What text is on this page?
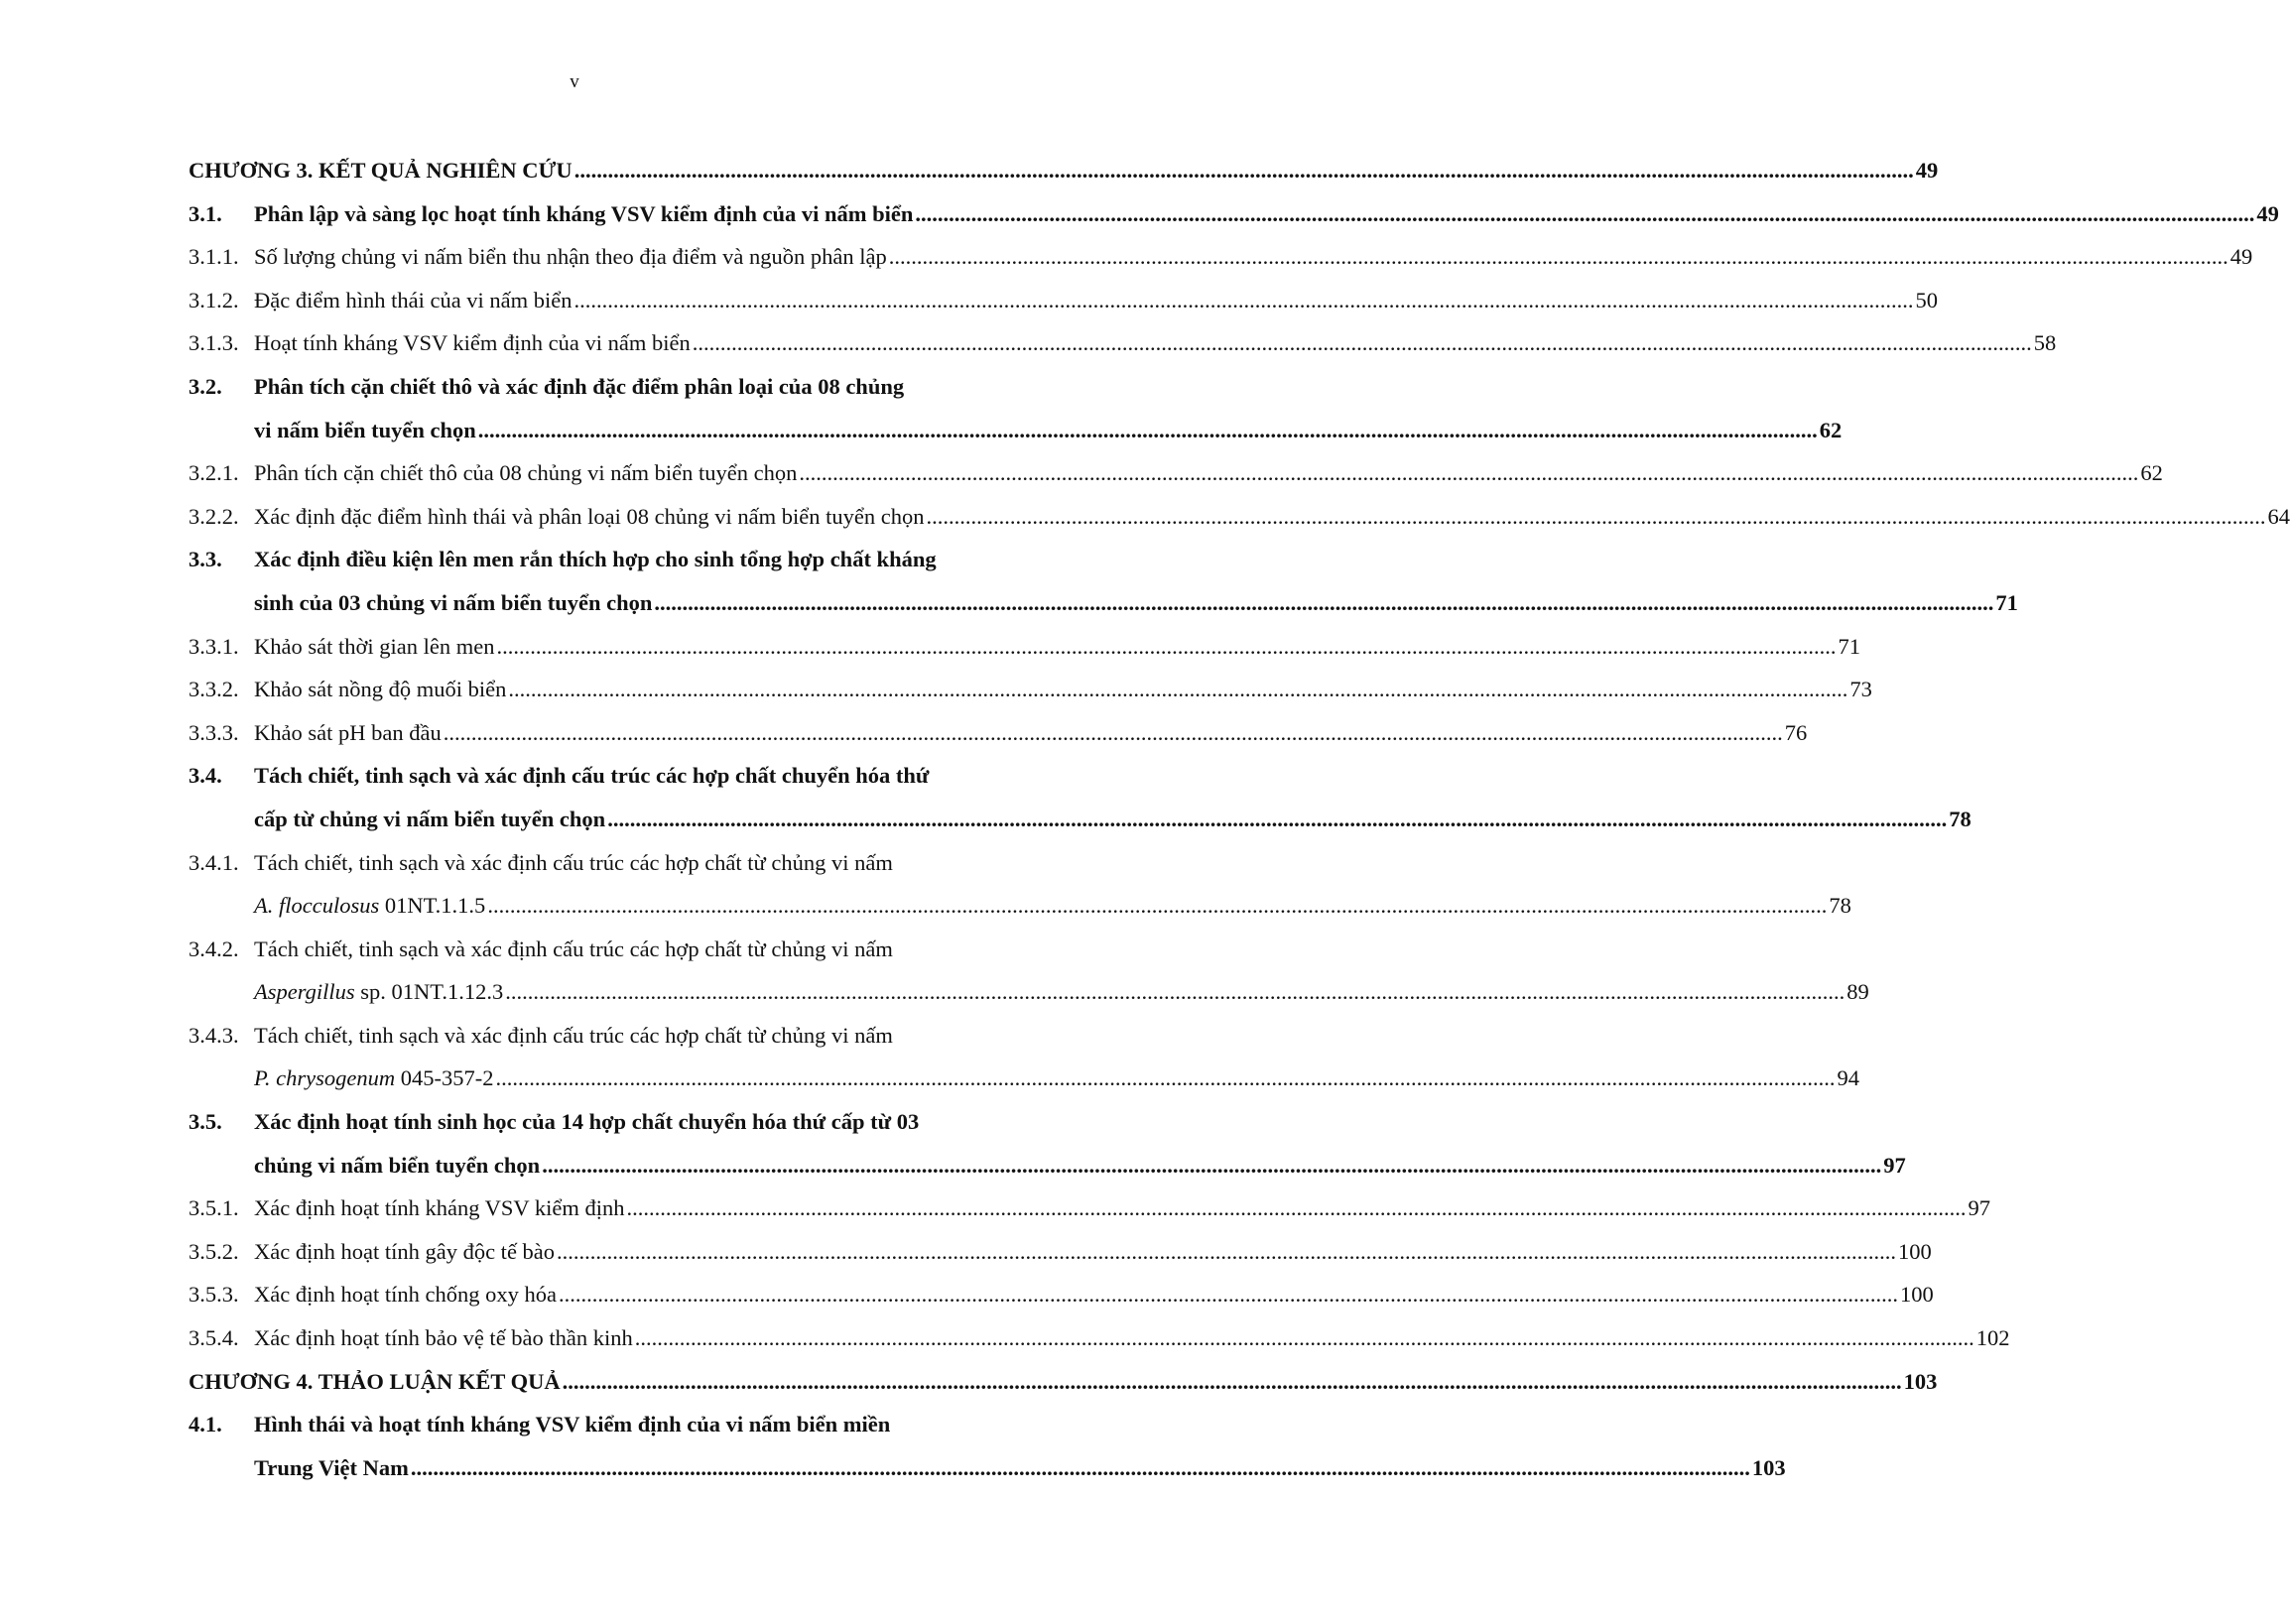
v
CHƯƠNG 3. KẾT QUẢ NGHIÊN CỨU .....	49
3.1.	Phân lập và sàng lọc hoạt tính kháng VSV kiểm định của vi nấm biển .....	49
3.1.1. Số lượng chủng vi nấm biển thu nhận theo địa điểm và nguồn phân lập .....	49
3.1.2. Đặc điểm hình thái của vi nấm biển .....	50
3.1.3. Hoạt tính kháng VSV kiểm định của vi nấm biển .....	58
3.2.	Phân tích cặn chiết thô và xác định đặc điểm phân loại của 08 chủng
vi nấm biển tuyển chọn .....	62
3.2.1. Phân tích cặn chiết thô của 08 chủng vi nấm biển tuyển chọn .....	62
3.2.2. Xác định đặc điểm hình thái và phân loại 08 chủng vi nấm biển tuyển chọn .....	64
3.3.	Xác định điều kiện lên men rắn thích hợp cho sinh tổng hợp chất kháng
sinh của 03 chủng vi nấm biển tuyển chọn .....	71
3.3.1. Khảo sát thời gian lên men .....	71
3.3.2. Khảo sát nồng độ muối biển .....	73
3.3.3. Khảo sát pH ban đầu .....	76
3.4.	Tách chiết, tinh sạch và xác định cấu trúc các hợp chất chuyển hóa thứ
cấp từ chủng vi nấm biển tuyển chọn .....	78
3.4.1. Tách chiết, tinh sạch và xác định cấu trúc các hợp chất từ chủng vi nấm
A. flocculosus 01NT.1.1.5 .....	78
3.4.2. Tách chiết, tinh sạch và xác định cấu trúc các hợp chất từ chủng vi nấm
Aspergillus sp. 01NT.1.12.3 .....	89
3.4.3. Tách chiết, tinh sạch và xác định cấu trúc các hợp chất từ chủng vi nấm
P. chrysogenum 045-357-2 .....	94
3.5.	Xác định hoạt tính sinh học của 14 hợp chất chuyển hóa thứ cấp từ 03
chủng vi nấm biển tuyển chọn .....	97
3.5.1. Xác định hoạt tính kháng VSV kiểm định .....	97
3.5.2. Xác định hoạt tính gây độc tế bào .....	100
3.5.3. Xác định hoạt tính chống oxy hóa .....	100
3.5.4. Xác định hoạt tính bảo vệ tế bào thần kinh .....	102
CHƯƠNG 4. THẢO LUẬN KẾT QUẢ .....	103
4.1.	Hình thái và hoạt tính kháng VSV kiểm định của vi nấm biển miền
Trung Việt Nam .....	103
